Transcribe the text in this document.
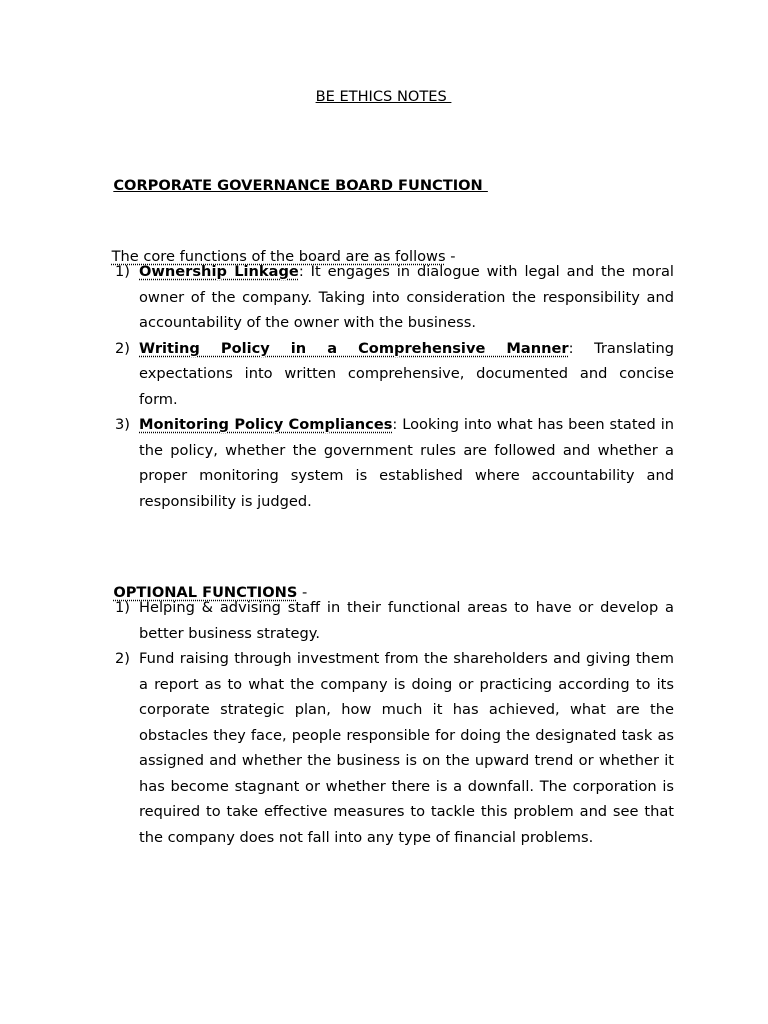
BE ETHICS NOTES

CORPORATE GOVERNANCE BOARD FUNCTION

The core functions of the board are as follows -

1) Ownership Linkage: It engages in dialogue with legal and the moral owner of the company. Taking into consideration the responsibility and accountability of the owner with the business.
2) Writing Policy in a Comprehensive Manner: Translating expectations into written comprehensive, documented and concise form.
3) Monitoring Policy Compliances: Looking into what has been stated in the policy, whether the government rules are followed and whether a proper monitoring system is established where accountability and responsibility is judged.

OPTIONAL FUNCTIONS -

1) Helping & advising staff in their functional areas to have or develop a better business strategy.
2) Fund raising through investment from the shareholders and giving them a report as to what the company is doing or practicing according to its corporate strategic plan, how much it has achieved, what are the obstacles they face, people responsible for doing the designated task as assigned and whether the business is on the upward trend or whether it has become stagnant or whether there is a downfall. The corporation is required to take effective measures to tackle this problem and see that the company does not fall into any type of financial problems.
